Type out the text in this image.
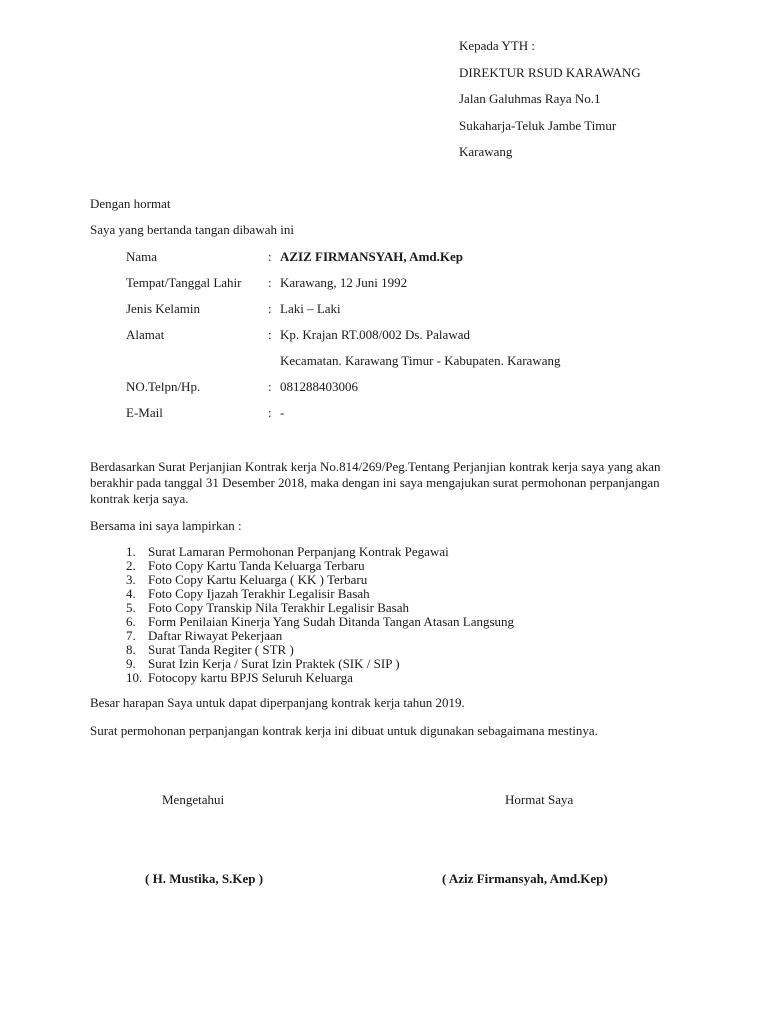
Kepada YTH :
DIREKTUR RSUD KARAWANG
Jalan Galuhmas Raya No.1
Sukaharja-Teluk Jambe Timur
Karawang
Dengan hormat
Saya yang bertanda tangan dibawah ini
Nama	: AZIZ FIRMANSYAH, Amd.Kep
Tempat/Tanggal Lahir : Karawang, 12 Juni 1992
Jenis Kelamin	: Laki – Laki
Alamat	: Kp. Krajan RT.008/002 Ds. Palawad
Kecamatan. Karawang Timur - Kabupaten. Karawang
NO.Telpn/Hp.	: 081288403006
E-Mail	: -
Berdasarkan Surat Perjanjian Kontrak kerja No.814/269/Peg.Tentang Perjanjian kontrak kerja saya yang akan berakhir pada tanggal 31 Desember 2018, maka dengan ini saya mengajukan surat permohonan perpanjangan kontrak kerja saya.
Bersama ini saya lampirkan :
1. Surat Lamaran Permohonan Perpanjang Kontrak Pegawai
2. Foto Copy Kartu Tanda Keluarga Terbaru
3. Foto Copy Kartu Keluarga ( KK ) Terbaru
4. Foto Copy Ijazah Terakhir Legalisir Basah
5. Foto Copy Transkip Nila Terakhir Legalisir Basah
6. Form Penilaian Kinerja Yang Sudah Ditanda Tangan Atasan Langsung
7. Daftar Riwayat Pekerjaan
8. Surat Tanda Regiter ( STR )
9. Surat Izin Kerja / Surat Izin Praktek (SIK / SIP )
10. Fotocopy kartu BPJS Seluruh Keluarga
Besar harapan Saya untuk dapat diperpanjang kontrak kerja tahun 2019.
Surat permohonan perpanjangan kontrak kerja ini dibuat untuk digunakan sebagaimana mestinya.
Mengetahui	Hormat Saya
( H. Mustika, S.Kep )	( Aziz Firmansyah, Amd.Kep)
